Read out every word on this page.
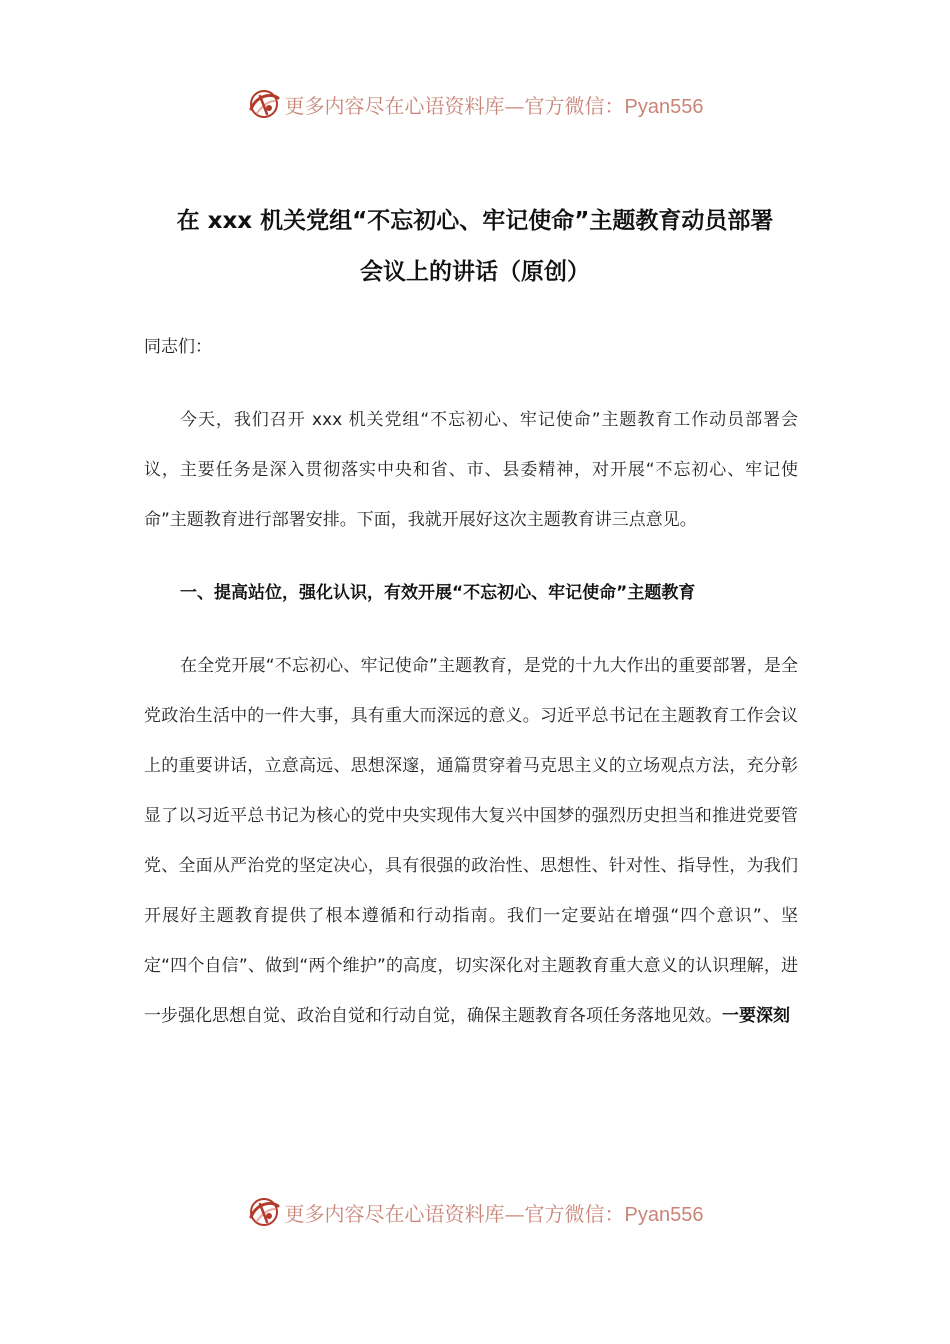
更多内容尽在心语资料库—官方微信：Pyan556
在 xxx 机关党组“不忘初心、牢记使命”主题教育动员部署
会议上的讲话（原创）

同志们：

今天，我们召开 xxx 机关党组“不忘初心、牢记使命”主题教育工作动员部署会议，主要任务是深入贯彻落实中央和省、市、县委精神，对开展“不忘初心、牢记使命”主题教育进行部署安排。下面，我就开展好这次主题教育讲三点意见。

一、提高站位，强化认识，有效开展“不忘初心、牢记使命”主题教育

在全党开展“不忘初心、牢记使命”主题教育，是党的十九大作出的重要部署，是全党政治生活中的一件大事，具有重大而深远的意义。习近平总书记在主题教育工作会议上的重要讲话，立意高远、思想深邃，通篇贯穿着马克思主义的立场观点方法，充分彰显了以习近平总书记为核心的党中央实现伟大复兴中国梦的强烈历史担当和推进党要管党、全面从严治党的坚定决心，具有很强的政治性、思想性、针对性、指导性，为我们开展好主题教育提供了根本遵循和行动指南。我们一定要站在增强“四个意识”、坚定“四个自信”、做到“两个维护”的高度，切实深化对主题教育重大意义的认识理解，进一步强化思想自觉、政治自觉和行动自觉，确保主题教育各项任务落地见效。一要深刻

更多内容尽在心语资料库—官方微信：Pyan556
